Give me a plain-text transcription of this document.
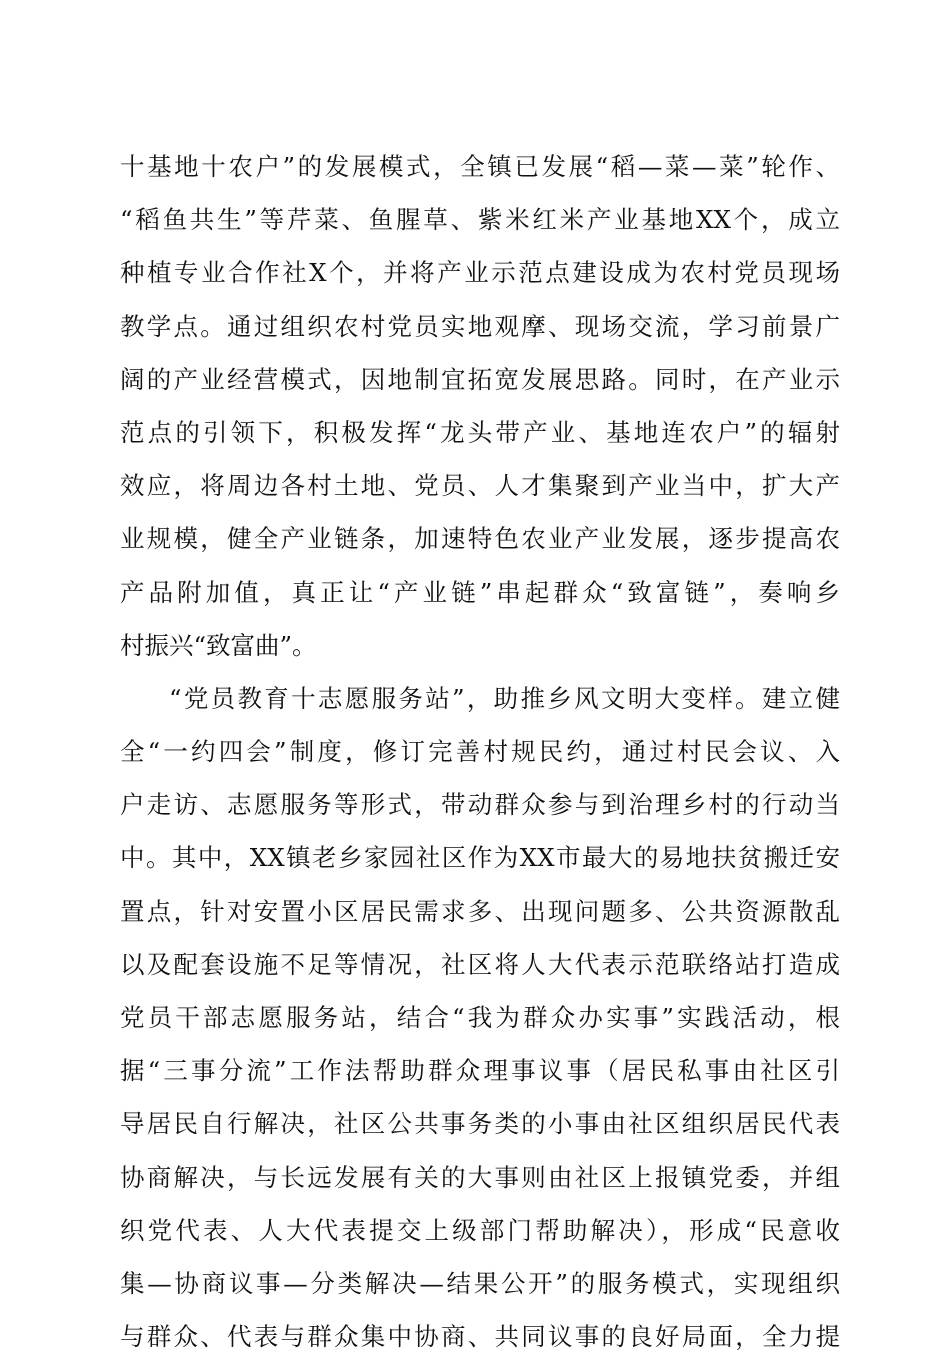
十基地十农户”的发展模式，全镇已发展“稻—菜—菜”轮作、
“稻鱼共生”等芹菜、鱼腥草、紫米红米产业基地XX个，成立
种植专业合作社X个，并将产业示范点建设成为农村党员现场
教学点。通过组织农村党员实地观摩、现场交流，学习前景广
阔的产业经营模式，因地制宜拓宽发展思路。同时，在产业示
范点的引领下，积极发挥“龙头带产业、基地连农户”的辐射
效应，将周边各村土地、党员、人才集聚到产业当中，扩大产
业规模，健全产业链条，加速特色农业产业发展，逐步提高农
产品附加值，真正让“产业链”串起群众“致富链”，奏响乡
村振兴“致富曲”。
“党员教育十志愿服务站”，助推乡风文明大变样。建立健
全“一约四会”制度，修订完善村规民约，通过村民会议、入
户走访、志愿服务等形式，带动群众参与到治理乡村的行动当
中。其中，XX镇老乡家园社区作为XX市最大的易地扶贫搬迁安
置点，针对安置小区居民需求多、出现问题多、公共资源散乱
以及配套设施不足等情况，社区将人大代表示范联络站打造成
党员干部志愿服务站，结合“我为群众办实事”实践活动，根
据“三事分流”工作法帮助群众理事议事（居民私事由社区引
导居民自行解决，社区公共事务类的小事由社区组织居民代表
协商解决，与长远发展有关的大事则由社区上报镇党委，并组
织党代表、人大代表提交上级部门帮助解决），形成“民意收
集—协商议事—分类解决—结果公开”的服务模式，实现组织
与群众、代表与群众集中协商、共同议事的良好局面，全力提
